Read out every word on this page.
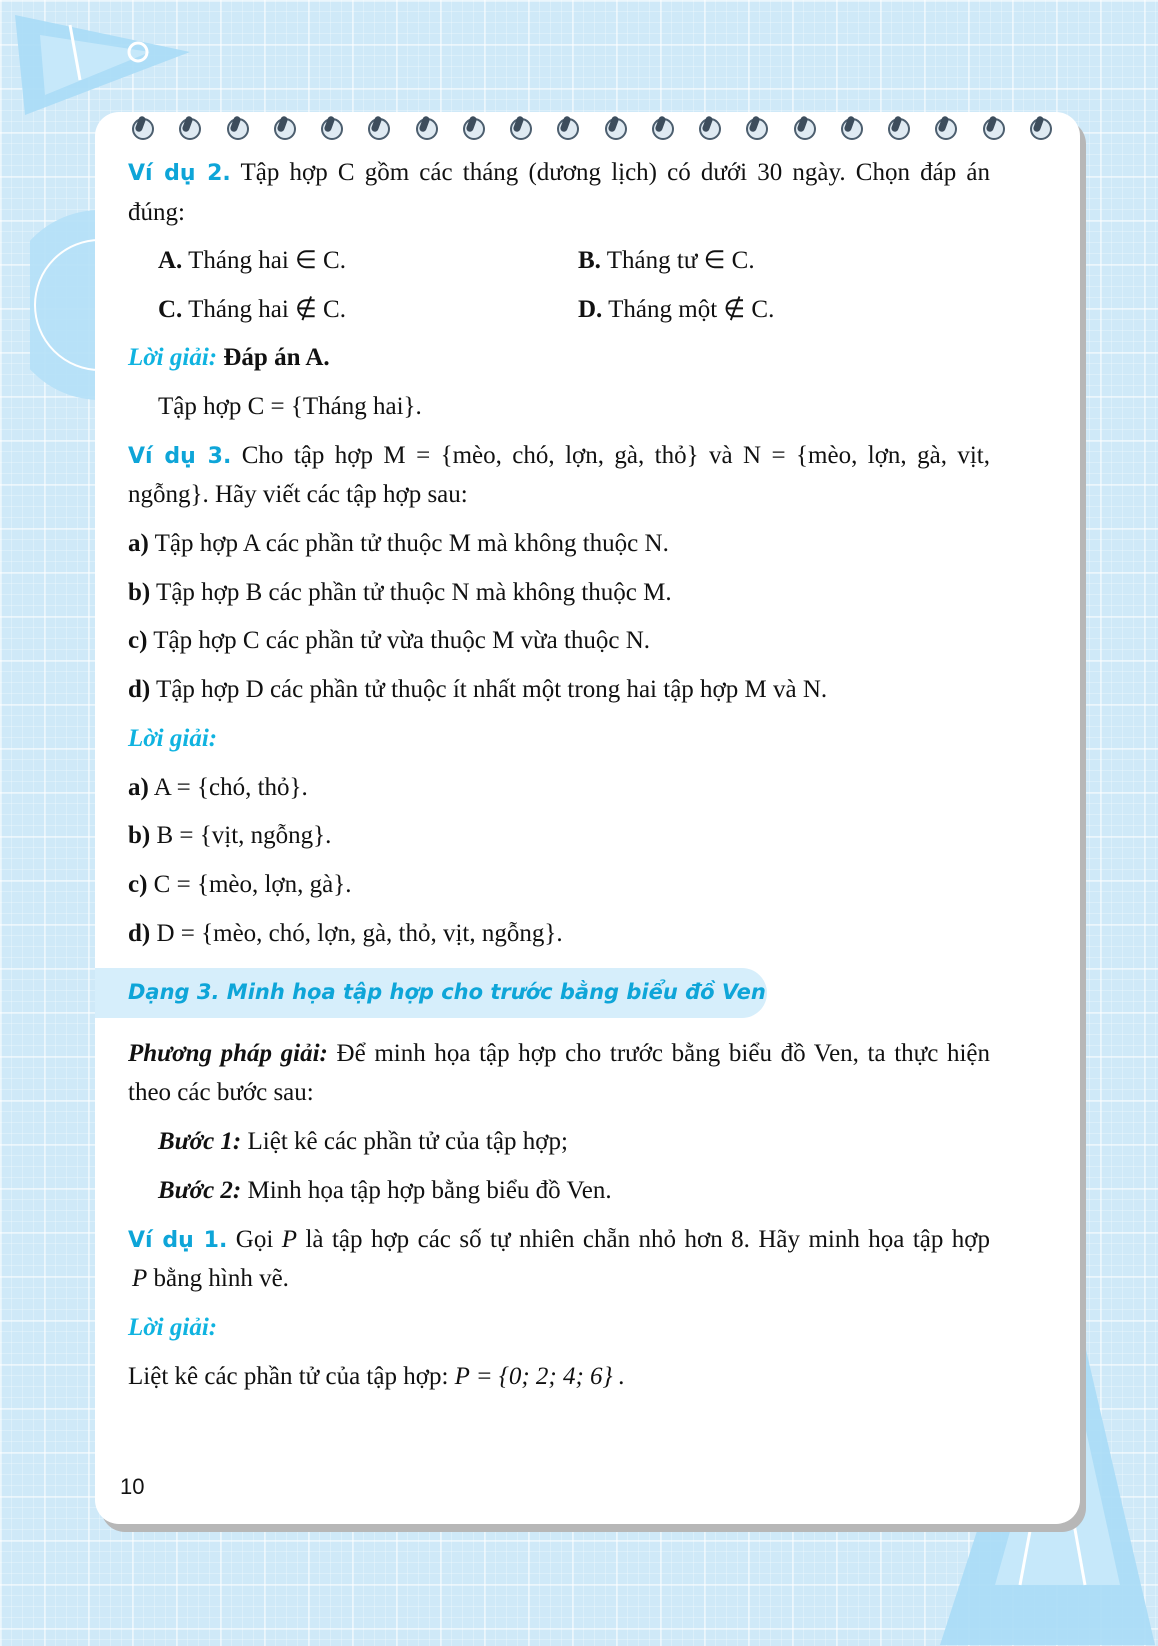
Ví dụ 2. Tập hợp C gồm các tháng (dương lịch) có dưới 30 ngày. Chọn đáp án
đúng:
A. Tháng hai ∈ C.	B. Tháng tư ∈ C.
C. Tháng hai ∉ C.	D. Tháng một ∉ C.
Lời giải: Đáp án A.
Tập hợp C = {Tháng hai}.
Ví dụ 3. Cho tập hợp M = {mèo, chó, lợn, gà, thỏ} và N = {mèo, lợn, gà, vịt,
ngỗng}. Hãy viết các tập hợp sau:
a) Tập hợp A các phần tử thuộc M mà không thuộc N.
b) Tập hợp B các phần tử thuộc N mà không thuộc M.
c) Tập hợp C các phần tử vừa thuộc M vừa thuộc N.
d) Tập hợp D các phần tử thuộc ít nhất một trong hai tập hợp M và N.
Lời giải:
a) A = {chó, thỏ}.
b) B = {vịt, ngỗng}.
c) C = {mèo, lợn, gà}.
d) D = {mèo, chó, lợn, gà, thỏ, vịt, ngỗng}.
Dạng 3. Minh họa tập hợp cho trước bằng biểu đồ Ven
Phương pháp giải: Để minh họa tập hợp cho trước bằng biểu đồ Ven, ta thực hiện
theo các bước sau:
Bước 1: Liệt kê các phần tử của tập hợp;
Bước 2: Minh họa tập hợp bằng biểu đồ Ven.
Ví dụ 1. Gọi P là tập hợp các số tự nhiên chẵn nhỏ hơn 8. Hãy minh họa tập hợp
P bằng hình vẽ.
Lời giải:
Liệt kê các phần tử của tập hợp: P = {0; 2; 4; 6} .
10
